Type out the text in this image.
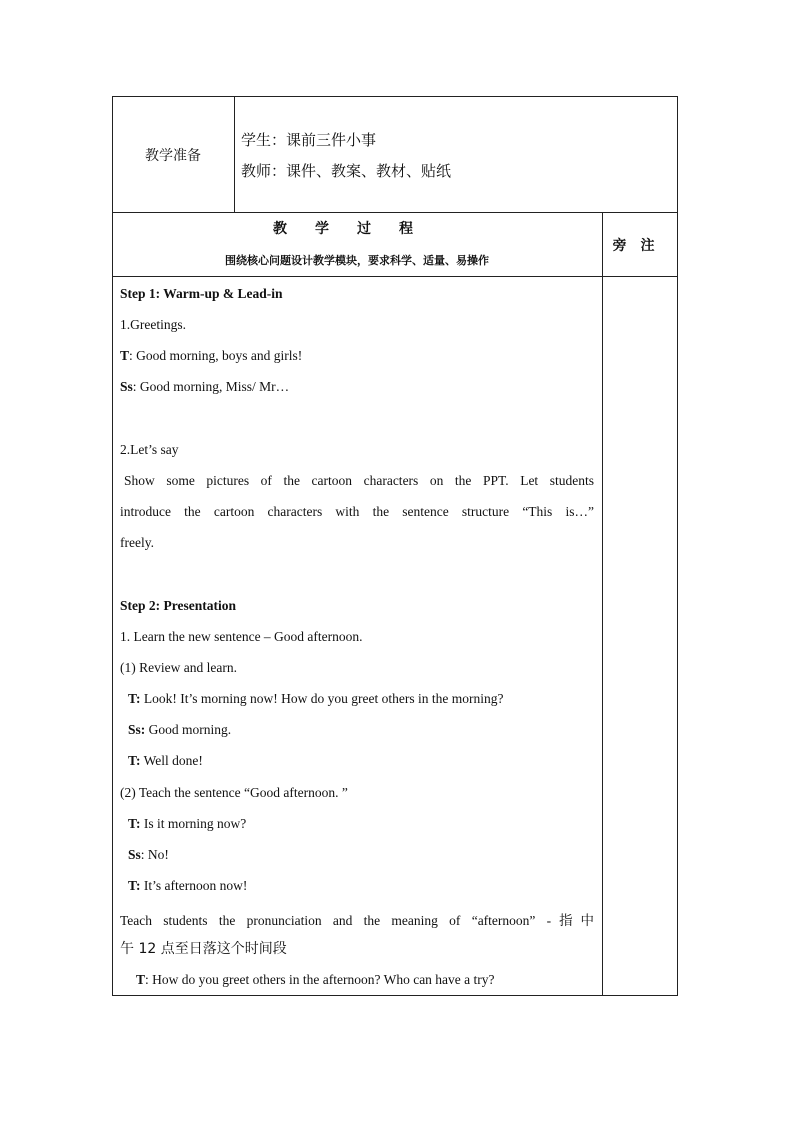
教学准备
学生：课前三件小事
教师：课件、教案、教材、贴纸
教学过程
围绕核心问题设计教学模块，要求科学、适量、易操作
旁注
Step 1: Warm-up & Lead-in
1.Greetings.
T: Good morning, boys and girls!
Ss: Good morning, Miss/ Mr…
2.Let’s say
Show some pictures of the cartoon characters on the PPT. Let students
introduce the cartoon characters with the sentence structure “This is…”
freely.
Step 2: Presentation
1. Learn the new sentence – Good afternoon.
(1) Review and learn.
T: Look! It’s morning now! How do you greet others in the morning?
Ss: Good morning.
T: Well done!
(2) Teach the sentence “Good afternoon. ”
T: Is it morning now?
Ss: No!
T: It’s afternoon now!
Teach students the pronunciation and the meaning of “afternoon” -指中
午 12 点至日落这个时间段
T: How do you greet others in the afternoon? Who can have a try?
